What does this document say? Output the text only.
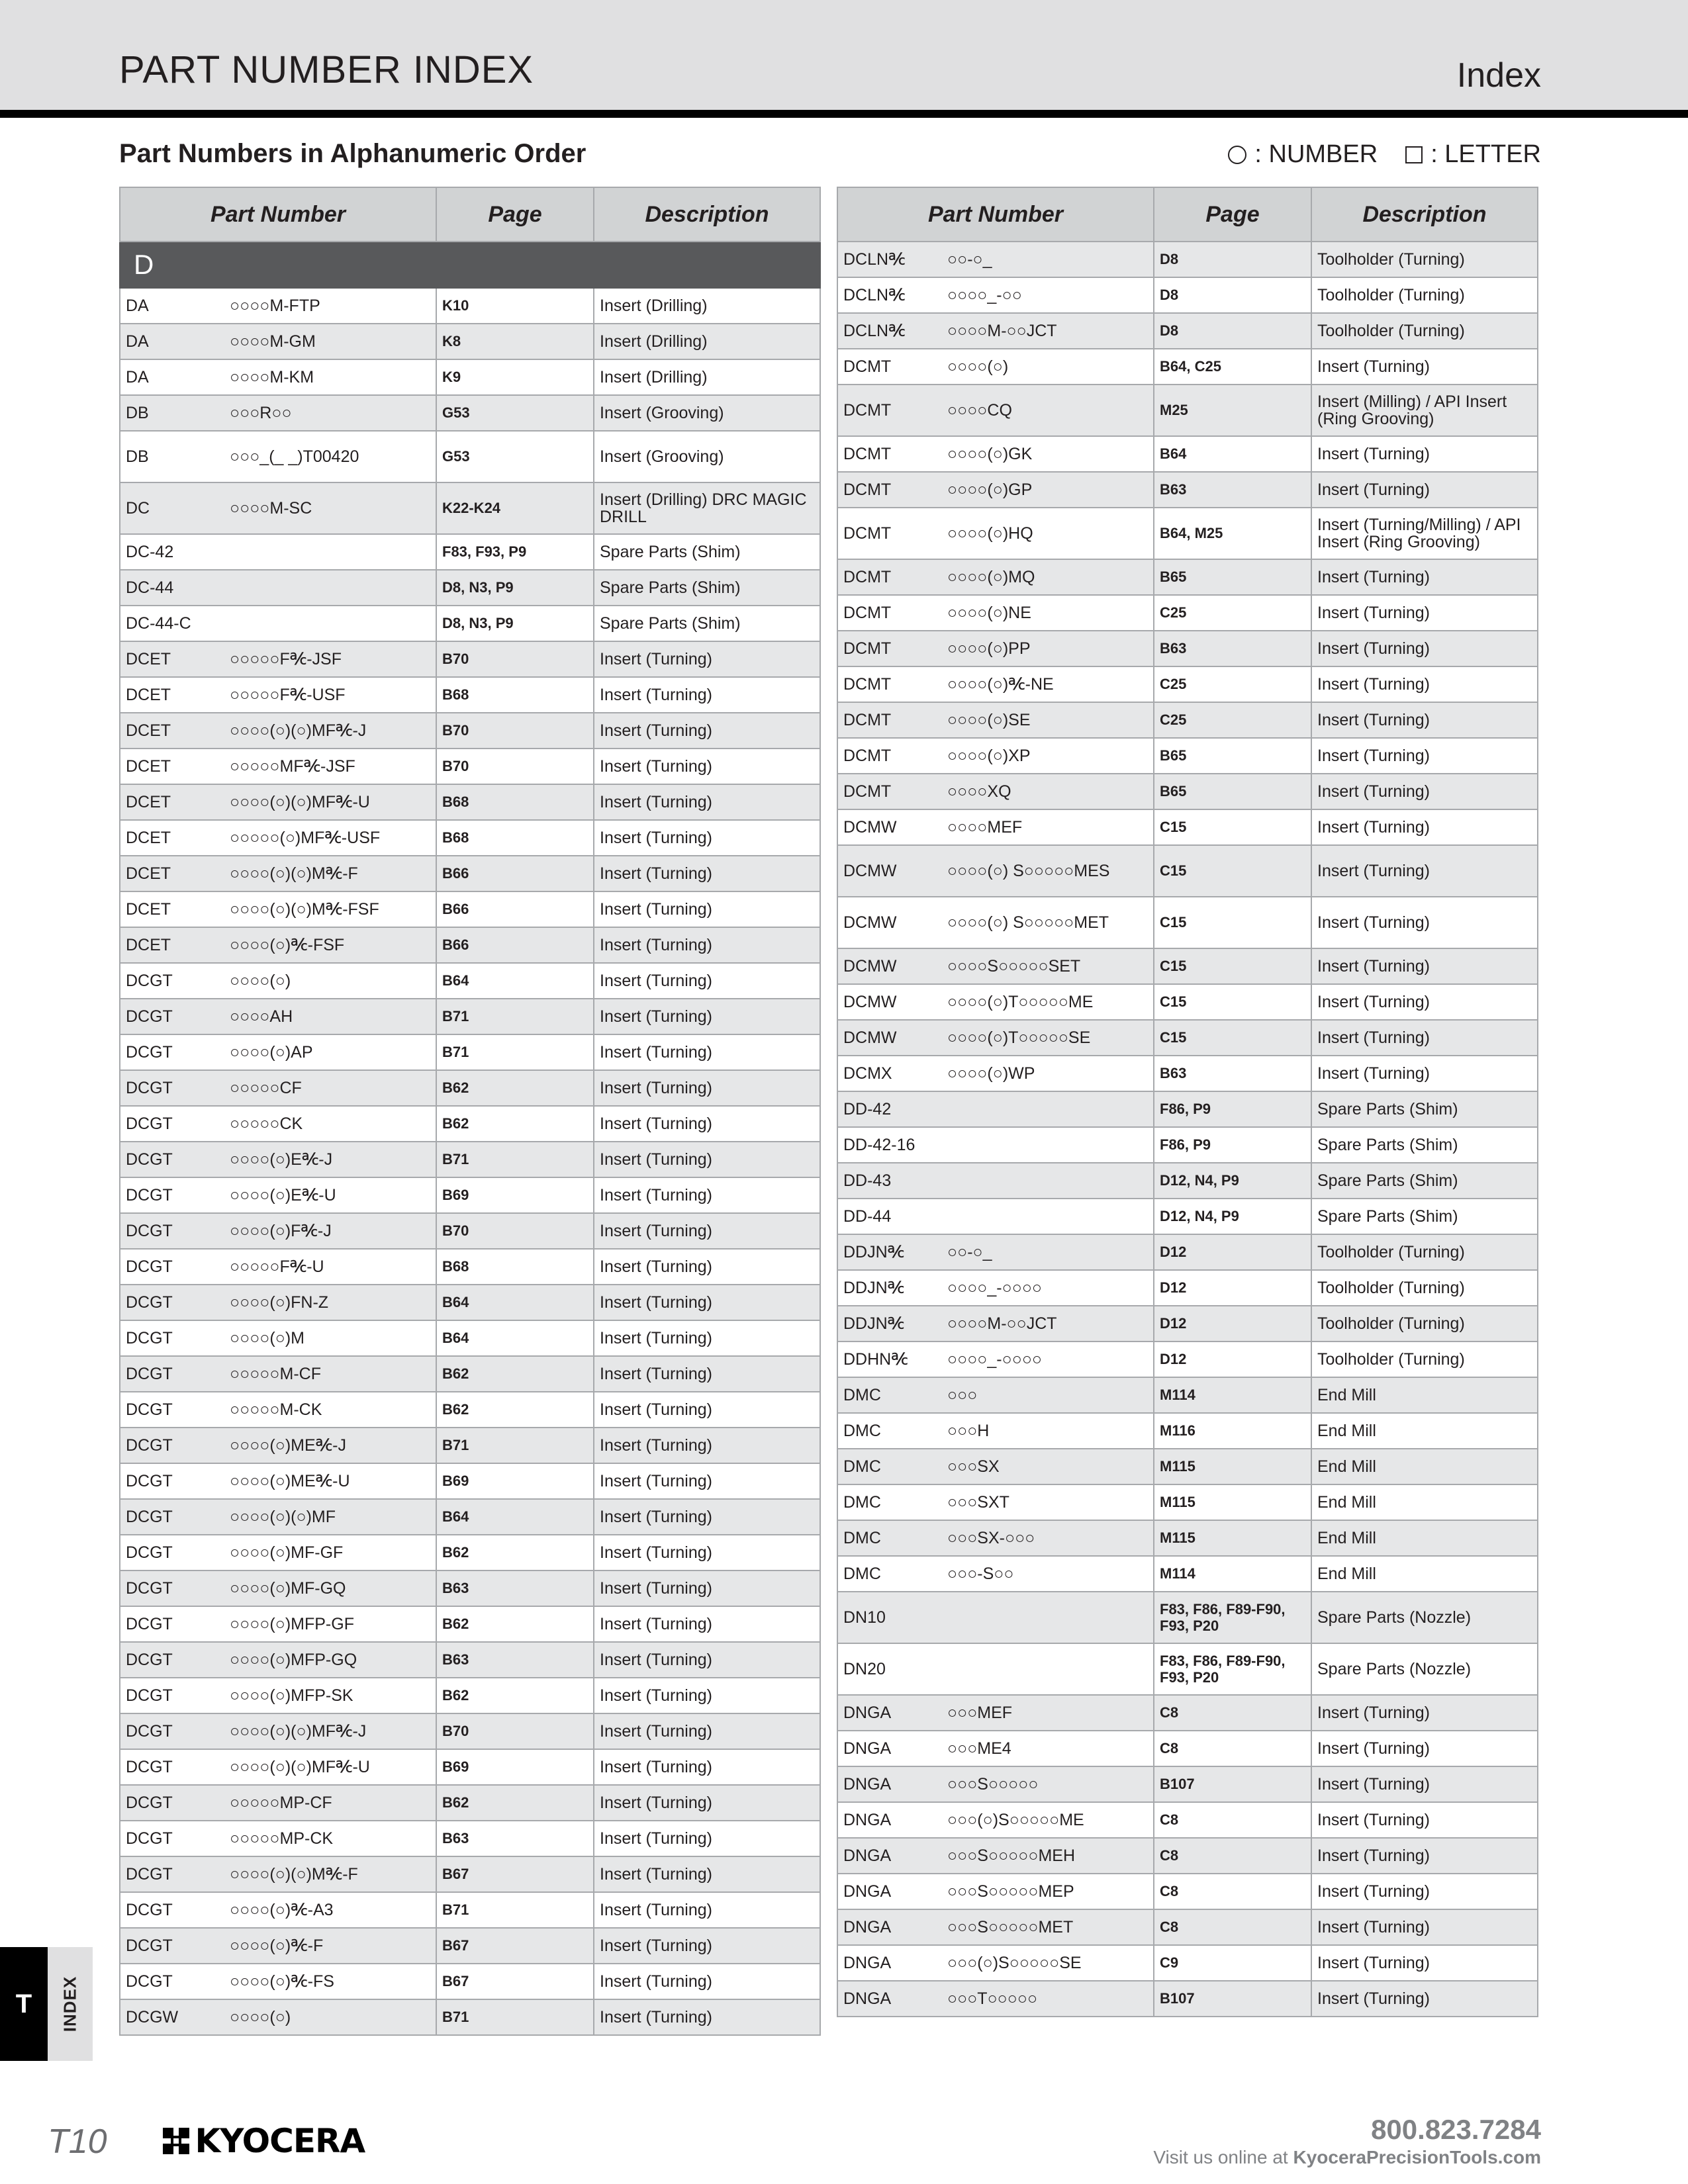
PART NUMBER INDEX	Index
Part Numbers in Alphanumeric Order	: NUMBER : LETTER
Part Number		Page	Description
D			
DA	○○○○M-FTP	K10	Insert (Drilling)
DA	○○○○M-GM	K8	Insert (Drilling)
DA	○○○○M-KM	K9	Insert (Drilling)
DB	○○○R○○	G53	Insert (Grooving)
DB	○○○_(_ _)T00420	G53	Insert (Grooving)
DC	○○○○M-SC	K22-K24	Insert (Drilling) DRC MAGIC DRILL
DC-42		F83, F93, P9	Spare Parts (Shim)
DC-44		D8, N3, P9	Spare Parts (Shim)
DC-44-C		D8, N3, P9	Spare Parts (Shim)
DCET	○○○○○F℀-JSF	B70	Insert (Turning)
DCET	○○○○○F℀-USF	B68	Insert (Turning)
DCET	○○○○(○)(○)MF℀-J	B70	Insert (Turning)
DCET	○○○○○MF℀-JSF	B70	Insert (Turning)
DCET	○○○○(○)(○)MF℀-U	B68	Insert (Turning)
DCET	○○○○○(○)MF℀-USF	B68	Insert (Turning)
DCET	○○○○(○)(○)M℀-F	B66	Insert (Turning)
DCET	○○○○(○)(○)M℀-FSF	B66	Insert (Turning)
DCET	○○○○(○)℀-FSF	B66	Insert (Turning)
DCGT	○○○○(○)	B64	Insert (Turning)
DCGT	○○○○AH	B71	Insert (Turning)
DCGT	○○○○(○)AP	B71	Insert (Turning)
DCGT	○○○○○CF	B62	Insert (Turning)
DCGT	○○○○○CK	B62	Insert (Turning)
DCGT	○○○○(○)E℀-J	B71	Insert (Turning)
DCGT	○○○○(○)E℀-U	B69	Insert (Turning)
DCGT	○○○○(○)F℀-J	B70	Insert (Turning)
DCGT	○○○○○F℀-U	B68	Insert (Turning)
DCGT	○○○○(○)FN-Z	B64	Insert (Turning)
DCGT	○○○○(○)M	B64	Insert (Turning)
DCGT	○○○○○M-CF	B62	Insert (Turning)
DCGT	○○○○○M-CK	B62	Insert (Turning)
DCGT	○○○○(○)ME℀-J	B71	Insert (Turning)
DCGT	○○○○(○)ME℀-U	B69	Insert (Turning)
DCGT	○○○○(○)(○)MF	B64	Insert (Turning)
DCGT	○○○○(○)MF-GF	B62	Insert (Turning)
DCGT	○○○○(○)MF-GQ	B63	Insert (Turning)
DCGT	○○○○(○)MFP-GF	B62	Insert (Turning)
DCGT	○○○○(○)MFP-GQ	B63	Insert (Turning)
DCGT	○○○○(○)MFP-SK	B62	Insert (Turning)
DCGT	○○○○(○)(○)MF℀-J	B70	Insert (Turning)
DCGT	○○○○(○)(○)MF℀-U	B69	Insert (Turning)
DCGT	○○○○○MP-CF	B62	Insert (Turning)
DCGT	○○○○○MP-CK	B63	Insert (Turning)
DCGT	○○○○(○)(○)M℀-F	B67	Insert (Turning)
DCGT	○○○○(○)℀-A3	B71	Insert (Turning)
DCGT	○○○○(○)℀-F	B67	Insert (Turning)
DCGT	○○○○(○)℀-FS	B67	Insert (Turning)
DCGW	○○○○(○)	B71	Insert (Turning)
Part Number		Page	Description
DCLN℀	○○-○_	D8	Toolholder (Turning)
DCLN℀	○○○○_-○○	D8	Toolholder (Turning)
DCLN℀	○○○○M-○○JCT	D8	Toolholder (Turning)
DCMT	○○○○(○)	B64, C25	Insert (Turning)
DCMT	○○○○CQ	M25	Insert (Milling) / API Insert (Ring Grooving)
DCMT	○○○○(○)GK	B64	Insert (Turning)
DCMT	○○○○(○)GP	B63	Insert (Turning)
DCMT	○○○○(○)HQ	B64, M25	Insert (Turning/Milling) / API Insert (Ring Grooving)
DCMT	○○○○(○)MQ	B65	Insert (Turning)
DCMT	○○○○(○)NE	C25	Insert (Turning)
DCMT	○○○○(○)PP	B63	Insert (Turning)
DCMT	○○○○(○)℀-NE	C25	Insert (Turning)
DCMT	○○○○(○)SE	C25	Insert (Turning)
DCMT	○○○○(○)XP	B65	Insert (Turning)
DCMT	○○○○XQ	B65	Insert (Turning)
DCMW	○○○○MEF	C15	Insert (Turning)
DCMW	○○○○(○) S○○○○○MES	C15	Insert (Turning)
DCMW	○○○○(○) S○○○○○MET	C15	Insert (Turning)
DCMW	○○○○S○○○○○SET	C15	Insert (Turning)
DCMW	○○○○(○)T○○○○○ME	C15	Insert (Turning)
DCMW	○○○○(○)T○○○○○SE	C15	Insert (Turning)
DCMX	○○○○(○)WP	B63	Insert (Turning)
DD-42		F86, P9	Spare Parts (Shim)
DD-42-16		F86, P9	Spare Parts (Shim)
DD-43		D12, N4, P9	Spare Parts (Shim)
DD-44		D12, N4, P9	Spare Parts (Shim)
DDJN℀	○○-○_	D12	Toolholder (Turning)
DDJN℀	○○○○_-○○○○	D12	Toolholder (Turning)
DDJN℀	○○○○M-○○JCT	D12	Toolholder (Turning)
DDHN℀	○○○○_-○○○○	D12	Toolholder (Turning)
DMC	○○○	M114	End Mill
DMC	○○○H	M116	End Mill
DMC	○○○SX	M115	End Mill
DMC	○○○SXT	M115	End Mill
DMC	○○○SX-○○○	M115	End Mill
DMC	○○○-S○○	M114	End Mill
DN10		F83, F86, F89-F90, F93, P20	Spare Parts (Nozzle)
DN20		F83, F86, F89-F90, F93, P20	Spare Parts (Nozzle)
DNGA	○○○MEF	C8	Insert (Turning)
DNGA	○○○ME4	C8	Insert (Turning)
DNGA	○○○S○○○○○	B107	Insert (Turning)
DNGA	○○○(○)S○○○○○ME	C8	Insert (Turning)
DNGA	○○○S○○○○○MEH	C8	Insert (Turning)
DNGA	○○○S○○○○○MEP	C8	Insert (Turning)
DNGA	○○○S○○○○○MET	C8	Insert (Turning)
DNGA	○○○(○)S○○○○○SE	C9	Insert (Turning)
DNGA	○○○T○○○○○	B107	Insert (Turning)
T	INDEX
T10	KYOCERA	800.823.7284
Visit us online at KyoceraPrecisionTools.com
